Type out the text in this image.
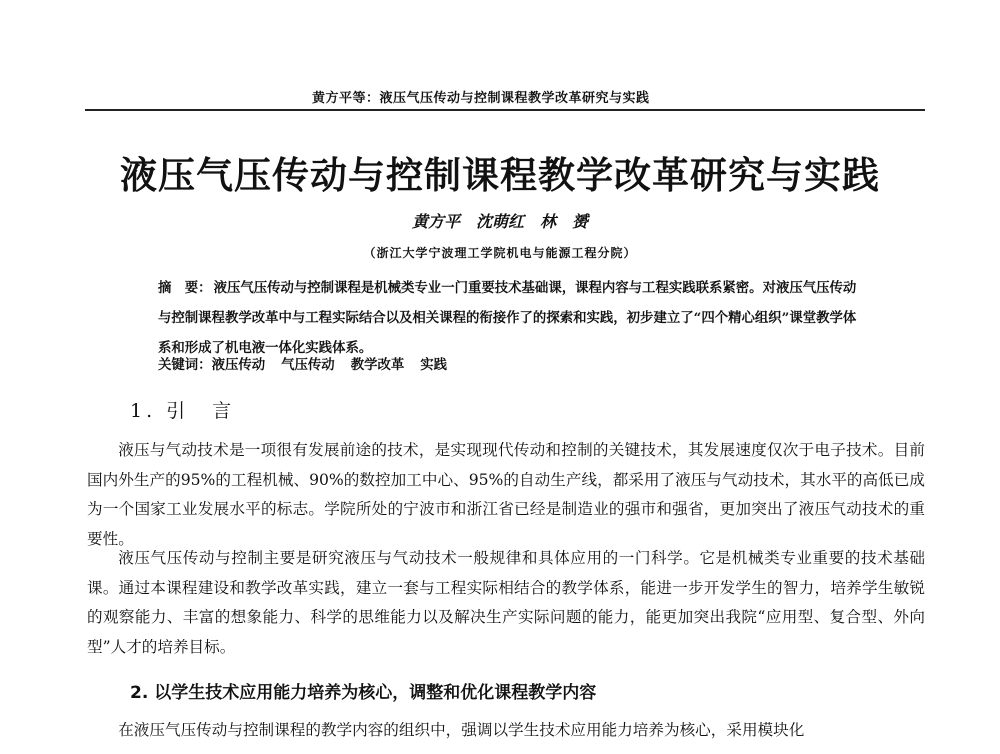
黄方平等：液压气压传动与控制课程教学改革研究与实践
液压气压传动与控制课程教学改革研究与实践
黄方平　沈萌红　林　赟
（浙江大学宁波理工学院机电与能源工程分院）
摘　要： 液压气压传动与控制课程是机械类专业一门重要技术基础课，课程内容与工程实践联系紧密。对液压气压传动与控制课程教学改革中与工程实际结合以及相关课程的衔接作了的探索和实践，初步建立了“四个精心组织”课堂教学体系和形成了机电液一体化实践体系。
关键词：液压传动 气压传动 教学改革 实践
1. 引　言

液压与气动技术是一项很有发展前途的技术，是实现现代传动和控制的关键技术，其发展速度仅次于电子技术。目前国内外生产的95%的工程机械、90%的数控加工中心、95%的自动生产线，都采用了液压与气动技术，其水平的高低已成为一个国家工业发展水平的标志。学院所处的宁波市和浙江省已经是制造业的强市和强省，更加突出了液压气动技术的重要性。

液压气压传动与控制主要是研究液压与气动技术一般规律和具体应用的一门科学。它是机械类专业重要的技术基础课。通过本课程建设和教学改革实践，建立一套与工程实际相结合的教学体系，能进一步开发学生的智力，培养学生敏锐的观察能力、丰富的想象能力、科学的思维能力以及解决生产实际问题的能力，能更加突出我院“应用型、复合型、外向型”人才的培养目标。

2. 以学生技术应用能力培养为核心，调整和优化课程教学内容

在液压气压传动与控制课程的教学内容的组织中，强调以学生技术应用能力培养为核心，采用模块化
